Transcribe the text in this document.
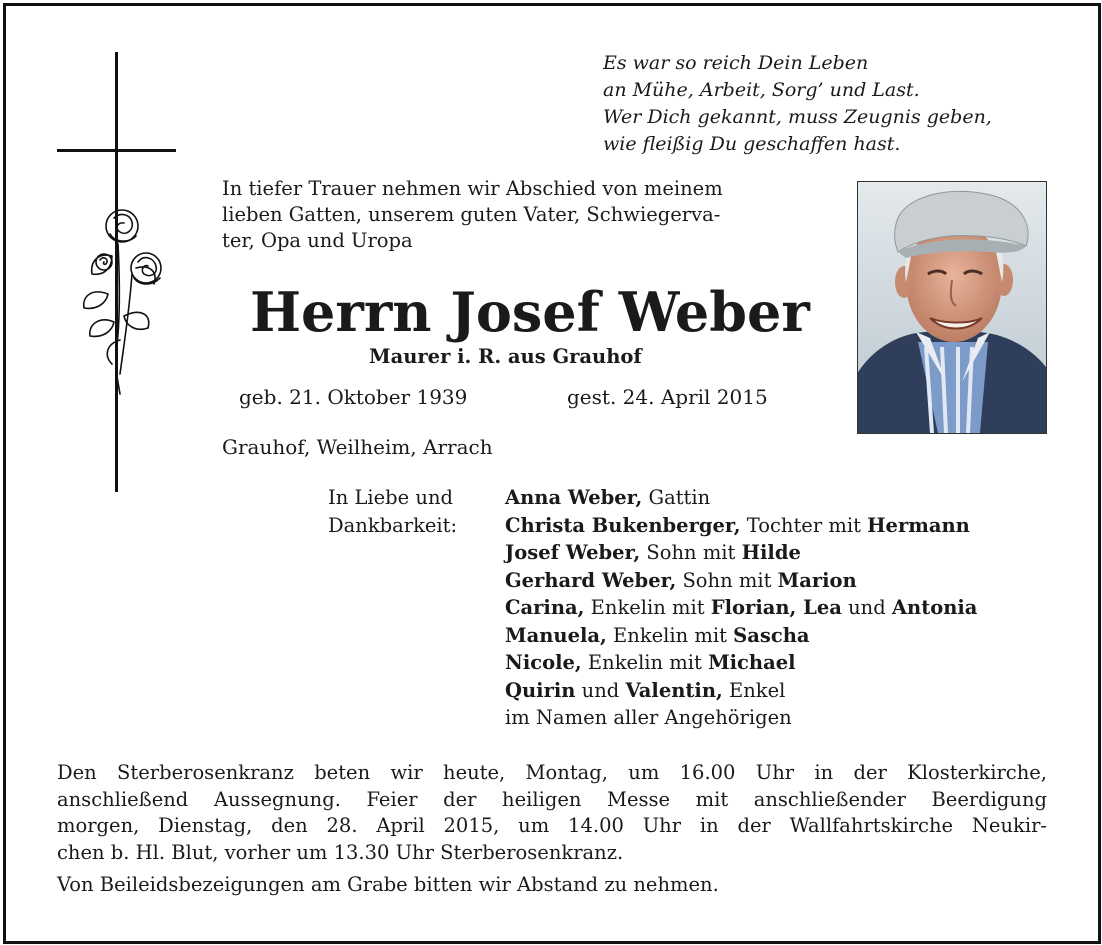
Es war so reich Dein Leben
an Mühe, Arbeit, Sorg’ und Last.
Wer Dich gekannt, muss Zeugnis geben,
wie fleißig Du geschaffen hast.
In tiefer Trauer nehmen wir Abschied von meinem
lieben Gatten, unserem guten Vater, Schwiegerva-
ter, Opa und Uropa
Herrn Josef Weber
Maurer i. R. aus Grauhof
geb. 21. Oktober 1939	gest. 24. April 2015
Grauhof, Weilheim, Arrach
In Liebe und
Dankbarkeit:
Anna Weber, Gattin
Christa Bukenberger, Tochter mit Hermann
Josef Weber, Sohn mit Hilde
Gerhard Weber, Sohn mit Marion
Carina, Enkelin mit Florian, Lea und Antonia
Manuela, Enkelin mit Sascha
Nicole, Enkelin mit Michael
Quirin und Valentin, Enkel
im Namen aller Angehörigen
Den Sterberosenkranz beten wir heute, Montag, um 16.00 Uhr in der Klosterkirche,
anschließend Aussegnung. Feier der heiligen Messe mit anschließender Beerdigung
morgen, Dienstag, den 28. April 2015, um 14.00 Uhr in der Wallfahrtskirche Neukir-
chen b. Hl. Blut, vorher um 13.30 Uhr Sterberosenkranz.
Von Beileidsbezeigungen am Grabe bitten wir Abstand zu nehmen.
